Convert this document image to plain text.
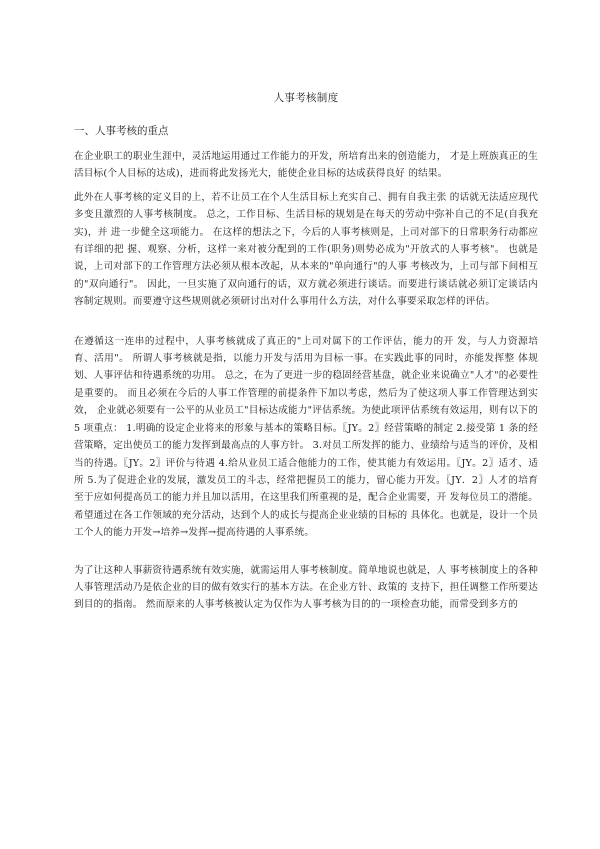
人事考核制度
一、人事考核的重点

在企业职工的职业生涯中，灵活地运用通过工作能力的开发，所培育出来的创造能力， 才是上班族真正的生活目标(个人目标的达成)，进而将此发扬光大，能使企业目标的达成获得良好 的结果。

此外在人事考核的定义目的上，若不让员工在个人生活目标上充实自己、拥有自我主张 的话就无法适应现代多变且激烈的人事考核制度。 总之，工作目标、生活目标的规划是在每天的劳动中弥补自己的不足(自我充实)，并 进一步健全这项能力。 在这样的想法之下，今后的人事考核则是，上司对部下的日常职务行动都应有详细的把 握、观察、分析，这样一来对被分配到的工作(职务)则势必成为"开放式的人事考核"。 也就是说，上司对部下的工作管理方法必须从根本改起，从本来的"单向通行"的人事 考核改为，上司与部下间相互的"双向通行"。 因此，一旦实施了双向通行的话，双方就必须进行谈话。而要进行谈话就必须订定谈话内 容制定规则。而要遵守这些规则就必须研讨出对什么事用什么方法，对什么事要采取怎样的评估。

在遵循这一连串的过程中，人事考核就成了真正的"上司对属下的工作评估，能力的开 发，与人力资源培育、活用"。 所谓人事考核就是指，以能力开发与活用为目标一事。在实践此事的同时，亦能发挥整 体规划、人事评估和待遇系统的功用。 总之，在为了更进一步的稳固经营基盘，就企业来说确立"人才"的必要性是重要的。 而且必须在今后的人事工作管理的前提条件下加以考虑，然后为了使这项人事工作管理达到实效， 企业就必须要有一公平的从业员工"目标达成能力"评估系统。为使此项评估系统有效运用，则有以下的 5 项重点： 1.明确的设定企业将来的形象与基本的策略目标。〖JY。2〗经营策略的制定 2.接受第 1 条的经营策略，定出使员工的能力发挥到最高点的人事方针。 3.对员工所发挥的能力、业绩给与适当的评价，及相当的待遇。〖JY。2〗评价与待遇 4.给从业员工适合他能力的工作，使其能力有效运用。〖JY。2〗适才、适所 5.为了促进企业的发展，激发员工的斗志，经常把握员工的能力，留心能力开发。〖JY．2〗人才的培育 至于应如何提高员工的能力并且加以活用，在这里我们所重视的是，配合企业需要，开 发每位员工的潜能。希望通过在各工作领域的充分活动，达到个人的成长与提高企业业绩的目标的 具体化。也就是，设计一个员工个人的能力开发→培养→发挥→提高待遇的人事系统。

为了让这种人事薪资待遇系统有效实施，就需运用人事考核制度。简单地说也就是，人 事考核制度上的各种人事管理活动乃是依企业的目的做有效实行的基本方法。在企业方针、政策的 支持下，担任调整工作所要达到目的的指南。 然而原来的人事考核被认定为仅作为人事考核为目的的一项检查功能，而常受到多方的
